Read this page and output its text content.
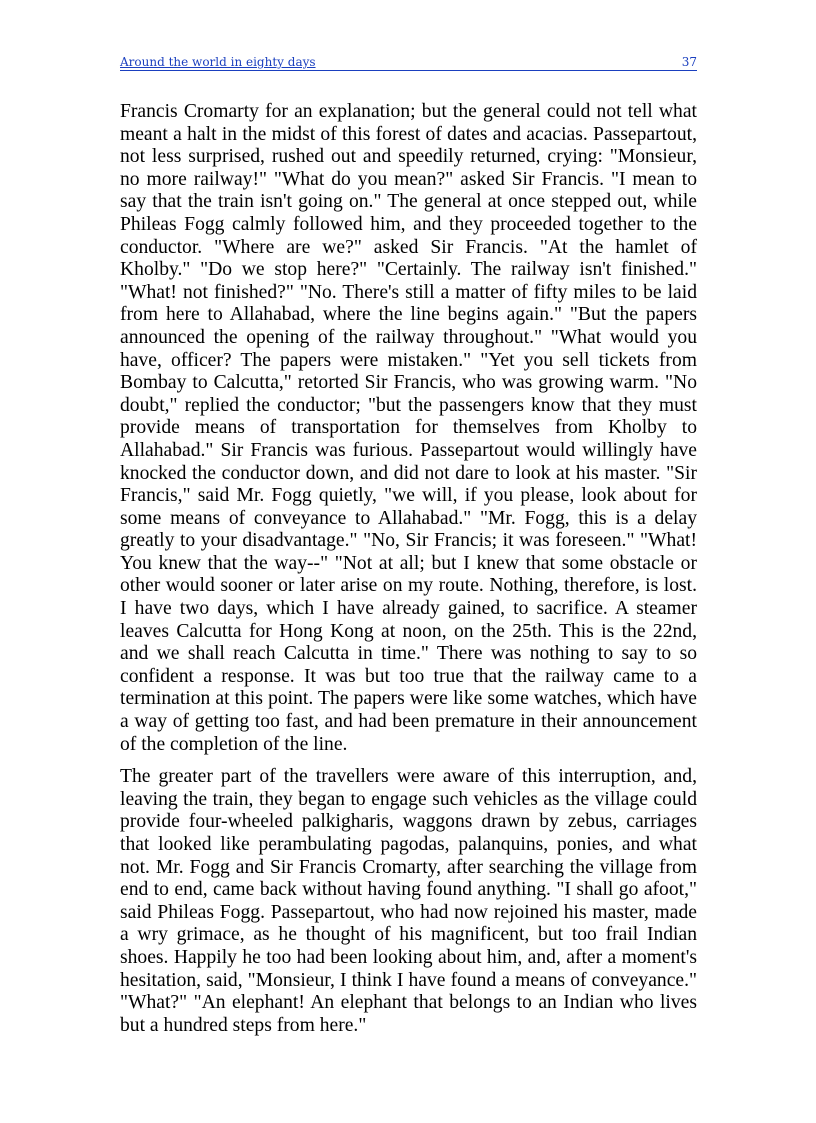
Around the world in eighty days	37

Francis Cromarty for an explanation; but the general could not tell what meant a halt in the midst of this forest of dates and acacias. Passepartout, not less surprised, rushed out and speedily returned, crying: "Monsieur, no more railway!" "What do you mean?" asked Sir Francis. "I mean to say that the train isn't going on." The general at once stepped out, while Phileas Fogg calmly followed him, and they proceeded together to the conductor. "Where are we?" asked Sir Francis. "At the hamlet of Kholby." "Do we stop here?" "Certainly. The railway isn't finished." "What! not finished?" "No. There's still a matter of fifty miles to be laid from here to Allahabad, where the line begins again." "But the papers announced the opening of the railway throughout." "What would you have, officer? The papers were mistaken." "Yet you sell tickets from Bombay to Calcutta," retorted Sir Francis, who was growing warm. "No doubt," replied the conductor; "but the passengers know that they must provide means of transportation for themselves from Kholby to Allahabad." Sir Francis was furious. Passepartout would willingly have knocked the conductor down, and did not dare to look at his master. "Sir Francis," said Mr. Fogg quietly, "we will, if you please, look about for some means of conveyance to Allahabad." "Mr. Fogg, this is a delay greatly to your disadvantage." "No, Sir Francis; it was foreseen." "What! You knew that the way--" "Not at all; but I knew that some obstacle or other would sooner or later arise on my route. Nothing, therefore, is lost. I have two days, which I have already gained, to sacrifice. A steamer leaves Calcutta for Hong Kong at noon, on the 25th. This is the 22nd, and we shall reach Calcutta in time." There was nothing to say to so confident a response. It was but too true that the railway came to a termination at this point. The papers were like some watches, which have a way of getting too fast, and had been premature in their announcement of the completion of the line.

The greater part of the travellers were aware of this interruption, and, leaving the train, they began to engage such vehicles as the village could provide four-wheeled palkigharis, waggons drawn by zebus, carriages that looked like perambulating pagodas, palanquins, ponies, and what not. Mr. Fogg and Sir Francis Cromarty, after searching the village from end to end, came back without having found anything. "I shall go afoot," said Phileas Fogg. Passepartout, who had now rejoined his master, made a wry grimace, as he thought of his magnificent, but too frail Indian shoes. Happily he too had been looking about him, and, after a moment's hesitation, said, "Monsieur, I think I have found a means of conveyance." "What?" "An elephant! An elephant that belongs to an Indian who lives but a hundred steps from here."
